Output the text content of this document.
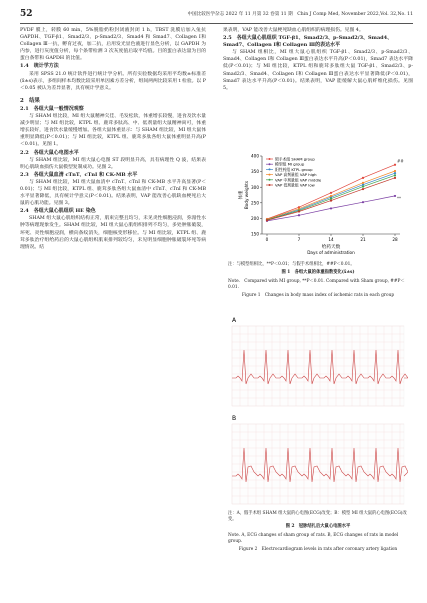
52	中国比较医学杂志 2022 年 11 月第 32 卷第 11 期　Chin J Comp Med, November 2022,Vol. 32,No. 11

PVDF 膜上，转膜 60 min，5%脱脂奶粉封闭液封闭 1 h，TBST 洗膜后加入兔抗 GAPDH、TGF-β1、Smad2/3、p-Smad2/3、Smad4 和 Smad7、Collagen Ⅰ和 Collagen Ⅲ一抗，孵育过夜，加二抗，后用发光显色液进行显色分析，以 GAPDH 为内参，进行灰度值分析，每个条带检测 3 次灰度值后取平均值。目的蛋白表达量为目的蛋白条带和 GAPDH 的比值。

1.4　统计学方法

采用 SPSS 21.0 统计软件进行统计学分析。所有实验数据均采用平均数±标准差(x̄±s)表示，多组间样本均数比较采用单因素方差分析，组间两两比较采用 t 检验。以 P＜0.05 被认为差异显著，具有统计学意义。

2　结果
2.1　各组大鼠一般情况观察

与 SHAM 组比较，MI 组大鼠精神欠佳、毛发松软，体重增长较慢，进食及饮水量减少明显；与 MI 组比较，KTPL 组、鹿茸多肽高、中、低剂量组大鼠精神尚可，体重增长较好，进食饮水量缓慢增加。各组大鼠体重显示：与 SHAM 组比较，MI 组大鼠体重明显降低(P＜0.01)；与 MI 组比较，KTPL 组、鹿茸多肽各组大鼠体重明显升高(P＜0.01)。见图 1。

2.2　各组大鼠心电图水平

与 SHAM 组比较，MI 组大鼠心电图 ST 段明显升高，具有病理性 Q 波，结果表明心肌缺血损伤大鼠模型复制成功。见图 2。

2.3　各组大鼠血清 cTnT、cTnI 和 CK-MB 水平

与 SHAM 组比较，MI 组大鼠血清中 cTnT、cTnI 和 CK-MB 水平升高显著(P＜0.01)；与 MI 组比较，KTPL 组、鹿茸多肽各组大鼠血清中 cTnT、cTnI 和 CK-MB 水平显著降低，具有统计学意义(P＜0.01)。结果表明，VAP 能改善心肌缺血梗死后大鼠的心肌功能。见图 3。

2.4　各组大鼠心肌组织 HE 染色

SHAM 组大鼠心肌组织结构正常，肌束完整且均匀，未见炎性细胞浸润，弥漫性水肿等病理现象发生。SHAM 组比较，MI 组大鼠心肌组织排列不均匀，多处肿胀破裂，坏死、炎性细胞浸润，横向条纹消失，细胞核变形移位。与 MI 组比较，KTPL 组、鹿茸多肽治疗组给药后的大鼠心肌组织肌束排列较均匀，未见明显细胞肿胀破裂坏死等病理情况。结

果表明，VAP 能改善大鼠梗死缺血心肌组织的病理损伤。见图 4。

2.5　各组大鼠心肌组织 TGF-β1、Smad2/3、p-Smad2/3、Smad4、Smad7、Collagen Ⅰ和 Collagen Ⅲ的表达水平

与 SHAM 组相比，MI 组大鼠心肌组织 TGF-β1、Smad2/3、p-Smad2/3、Smad4、Collagen Ⅰ和 Collagen Ⅲ蛋白表达水平升高(P＜0.01)，Smad7 表达水平降低(P＜0.01)；与 MI 组比较，KTPL 组和鹿茸多肽组大鼠 TGF-β1、Smad2/3、p-Smad2/3、Smad4、Collagen Ⅰ和 Collagen Ⅲ蛋白表达水平显著降低(P＜0.01)，Smad7 表达水平升高(P＜0.01)。结果表明，VAP 能缓解大鼠心肌纤维化损伤。见图 5。

150
200
250
300
350
400
0	7	14	21	28
体重 Body weights
给药天数
Days of administration
##
**
假手术组 SHAM group
模型组 MI group
阳性药组 KTPL group
VAP 高剂量组 VAP high
VAP 中剂量组 VAP middle
VAP 低剂量组 VAP low
注：与模型组相比，**P＜0.01；与假手术组相比，##P＜0.01。
图 1　各组大鼠的体重指数变化(x̄±s)
Note.　Compared with MI group, **P＜0.01. Compared with Sham group, ##P＜0.01.
Figure 1　Changes in body mass index of ischemic rats in each group
A
B
注：A，假手术组 SHAM 组大鼠的心电图(ECG)改变；B：模型 MI 组大鼠的心电图(ECG)改变。
图 2　冠脉结扎后大鼠心电图水平
Note. A, ECG changes of sham group of rats. B, ECG changes of rats in model group.
Figure 2　Electrocardiogram levels in rats after coronary artery ligation
